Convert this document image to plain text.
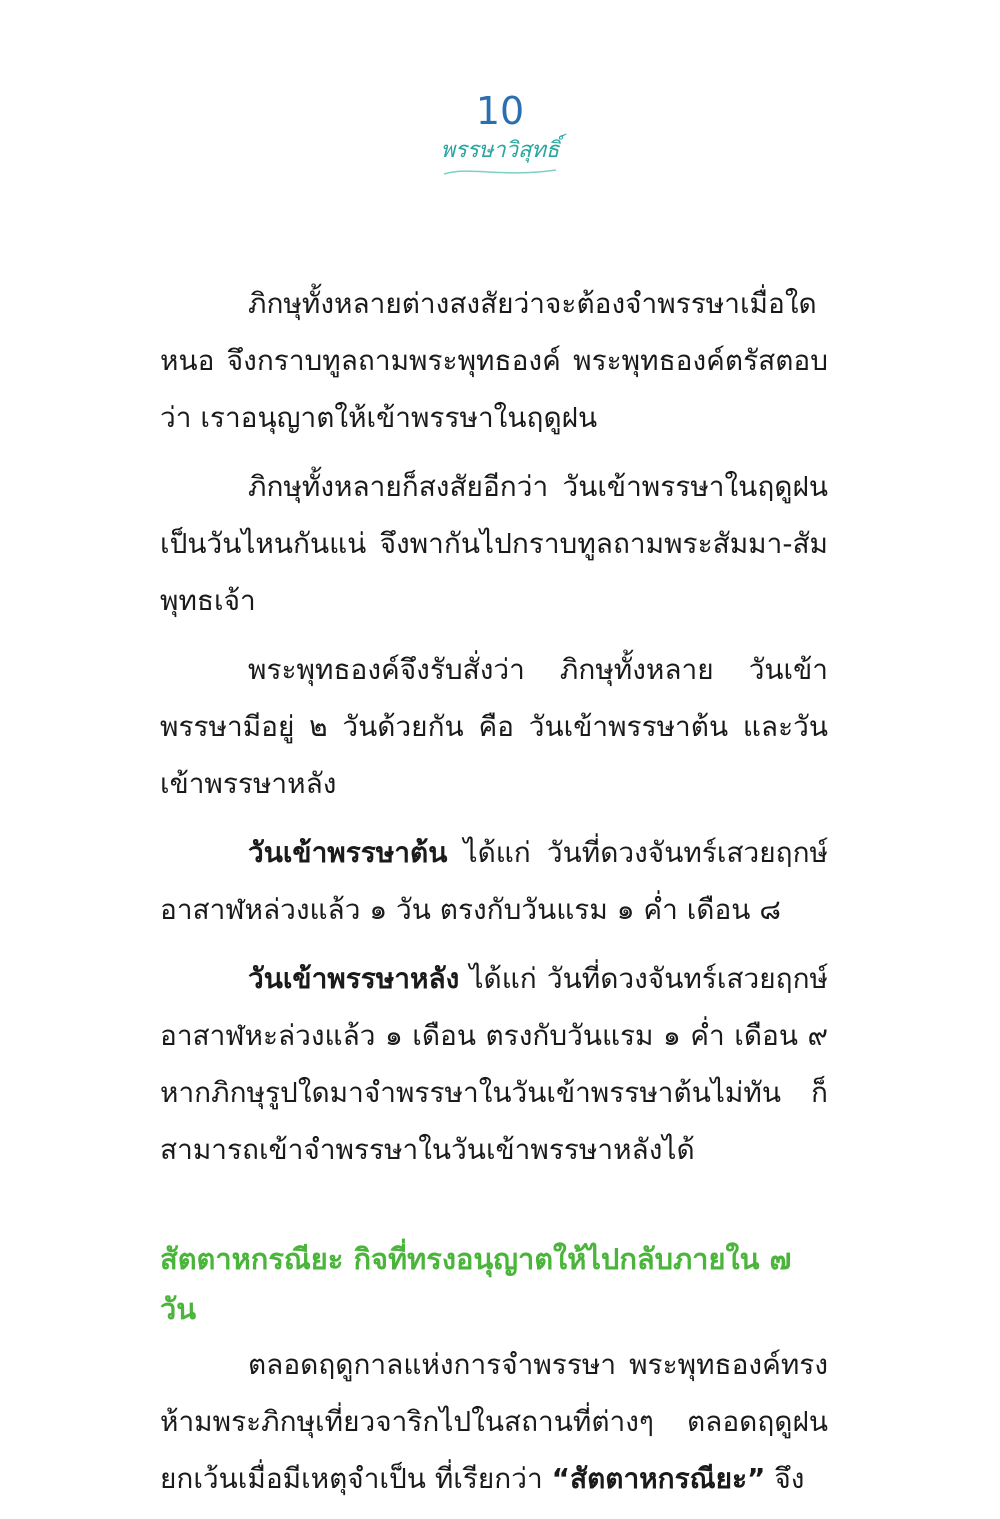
10
พรรษาวิสุทธิ์

ภิกษุทั้งหลายต่างสงสัยว่าจะต้องจำพรรษาเมื่อใดหนอ จึงกราบทูลถามพระพุทธองค์ พระพุทธองค์ตรัสตอบว่า เราอนุญาตให้เข้าพรรษาในฤดูฝน

ภิกษุทั้งหลายก็สงสัยอีกว่า วันเข้าพรรษาในฤดูฝนเป็นวันไหนกันแน่ จึงพากันไปกราบทูลถามพระสัมมา-สัมพุทธเจ้า

พระพุทธองค์จึงรับสั่งว่า ภิกษุทั้งหลาย วันเข้าพรรษามีอยู่ ๒ วันด้วยกัน คือ วันเข้าพรรษาต้น และวันเข้าพรรษาหลัง

วันเข้าพรรษาต้น ได้แก่ วันที่ดวงจันทร์เสวยฤกษ์อาสาฬหล่วงแล้ว ๑ วัน ตรงกับวันแรม ๑ ค่ำ เดือน ๘

วันเข้าพรรษาหลัง ได้แก่ วันที่ดวงจันทร์เสวยฤกษ์อาสาฬหะล่วงแล้ว ๑ เดือน ตรงกับวันแรม ๑ ค่ำ เดือน ๙ หากภิกษุรูปใดมาจำพรรษาในวันเข้าพรรษาต้นไม่ทัน ก็สามารถเข้าจำพรรษาในวันเข้าพรรษาหลังได้

สัตตาหกรณียะ กิจที่ทรงอนุญาตให้ไปกลับภายใน ๗ วัน

ตลอดฤดูกาลแห่งการจำพรรษา พระพุทธองค์ทรงห้ามพระภิกษุเที่ยวจาริกไปในสถานที่ต่างๆ ตลอดฤดูฝน ยกเว้นเมื่อมีเหตุจำเป็น ที่เรียกว่า “สัตตาหกรณียะ” จึง
